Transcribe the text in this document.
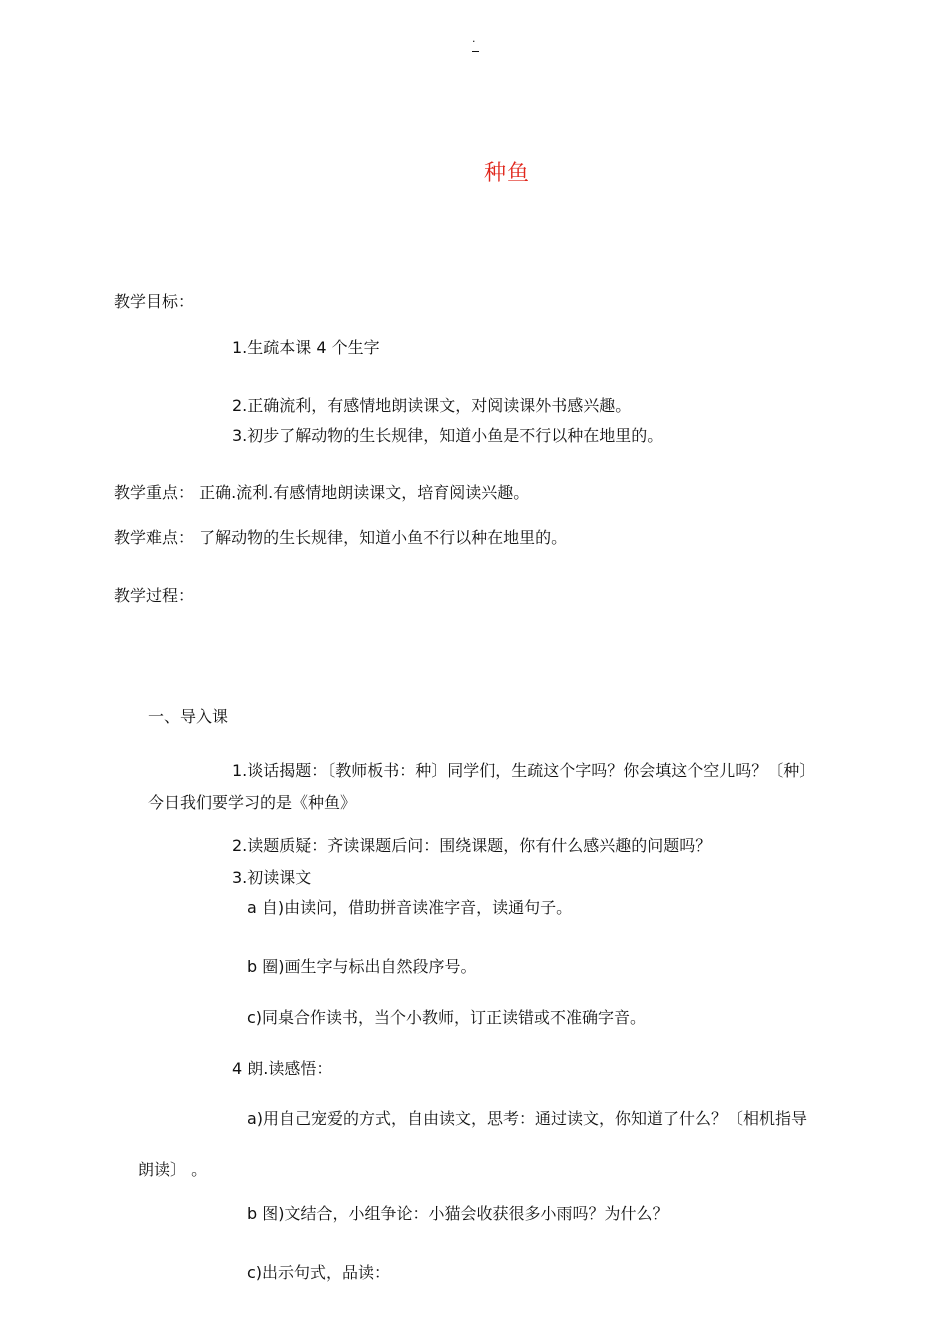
.
种鱼
教学目标：
1.生疏本课 4 个生字
2.正确流利，有感情地朗读课文，对阅读课外书感兴趣。
3.初步了解动物的生长规律，知道小鱼是不行以种在地里的。
教学重点： 正确.流利.有感情地朗读课文，培育阅读兴趣。
教学难点： 了解动物的生长规律，知道小鱼不行以种在地里的。
教学过程：
一、导入课
1.谈话揭题：〔教师板书：种〕同学们，生疏这个字吗？你会填这个空儿吗？〔种〕
今日我们要学习的是《种鱼》
2.读题质疑：齐读课题后问：围绕课题，你有什么感兴趣的问题吗？
3.初读课文
a 自)由读问，借助拼音读准字音，读通句子。
b 圈)画生字与标出自然段序号。
c)同桌合作读书，当个小教师，订正读错或不准确字音。
4 朗.读感悟：
a)用自己宠爱的方式，自由读文，思考：通过读文，你知道了什么？〔相机指导
朗读〕 。
b 图)文结合，小组争论：小猫会收获很多小雨吗？为什么？
c)出示句式，品读：
